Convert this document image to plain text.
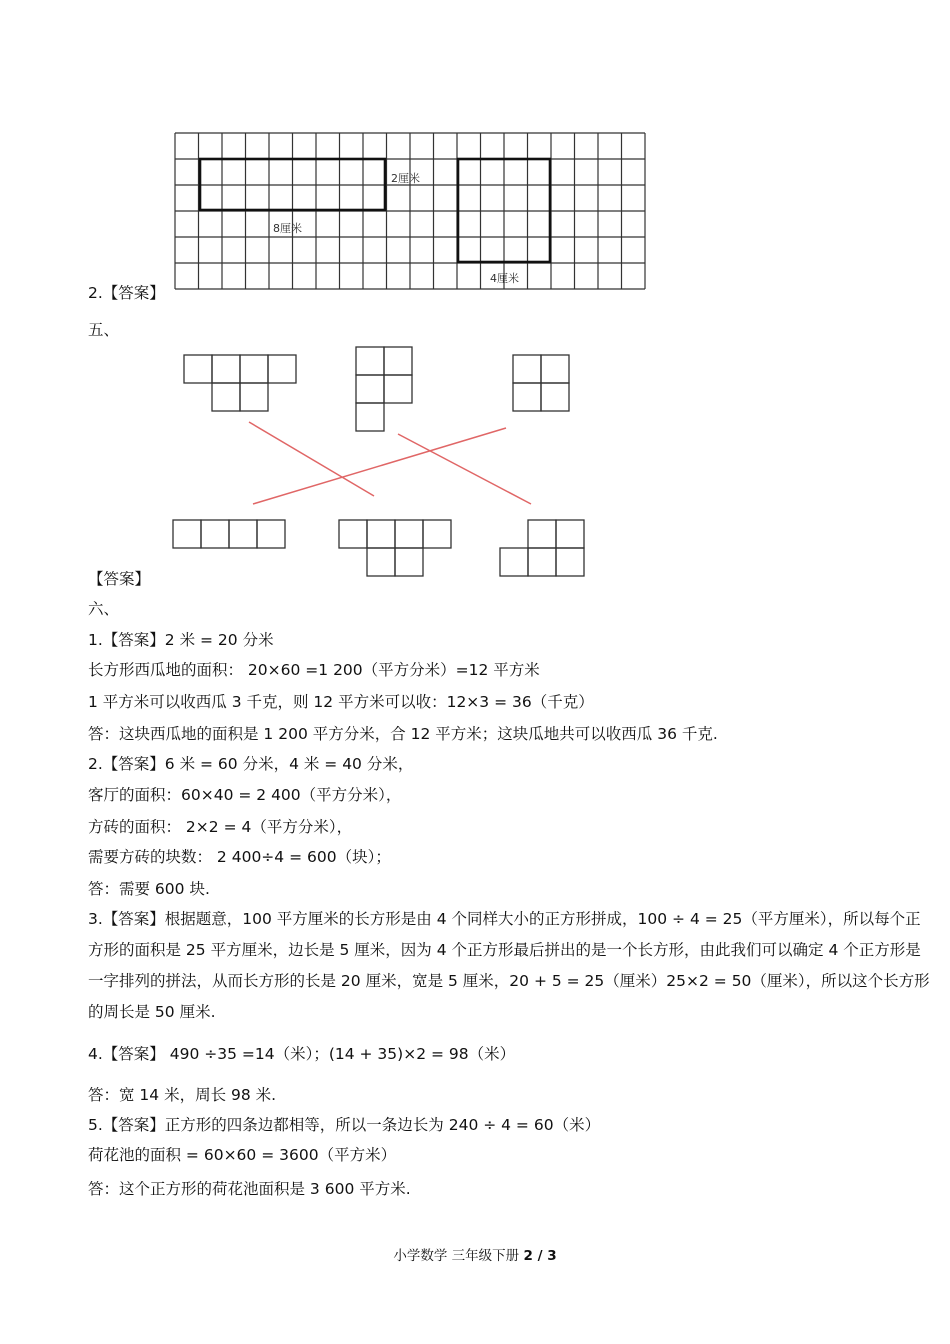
2厘米
8厘米
4厘米
2.【答案】
五、
【答案】
六、
1.【答案】2 米 = 20 分米
长方形西瓜地的面积： 20⨯60 =1 200（平方分米）=12 平方米
1 平方米可以收西瓜 3 千克，则 12 平方米可以收：12⨯3 = 36（千克）
答：这块西瓜地的面积是 1 200 平方分米，合 12 平方米；这块瓜地共可以收西瓜 36 千克.
2.【答案】6 米 = 60 分米，4 米 = 40 分米，
客厅的面积：60⨯40 = 2 400（平方分米），
方砖的面积： 2⨯2 = 4（平方分米），
需要方砖的块数： 2 400÷4 = 600（块）；
答：需要 600 块.
3.【答案】根据题意，100 平方厘米的长方形是由 4 个同样大小的正方形拼成，100 ÷ 4 = 25（平方厘米），所以每个正方形的面积是 25 平方厘米，边长是 5 厘米，因为 4 个正方形最后拼出的是一个长方形，由此我们可以确定 4 个正方形是一字排列的拼法，从而长方形的长是 20 厘米，宽是 5 厘米，20 + 5 = 25（厘米）25⨯2 = 50（厘米），所以这个长方形的周长是 50 厘米.
4.【答案】 490 ÷35 =14（米）；(14 + 35)⨯2 = 98（米）
答：宽 14 米，周长 98 米.
5.【答案】正方形的四条边都相等，所以一条边长为 240 ÷ 4 = 60（米）
荷花池的面积 = 60⨯60 = 3600（平方米）
答：这个正方形的荷花池面积是 3 600 平方米.
小学数学 三年级下册 2 / 3
